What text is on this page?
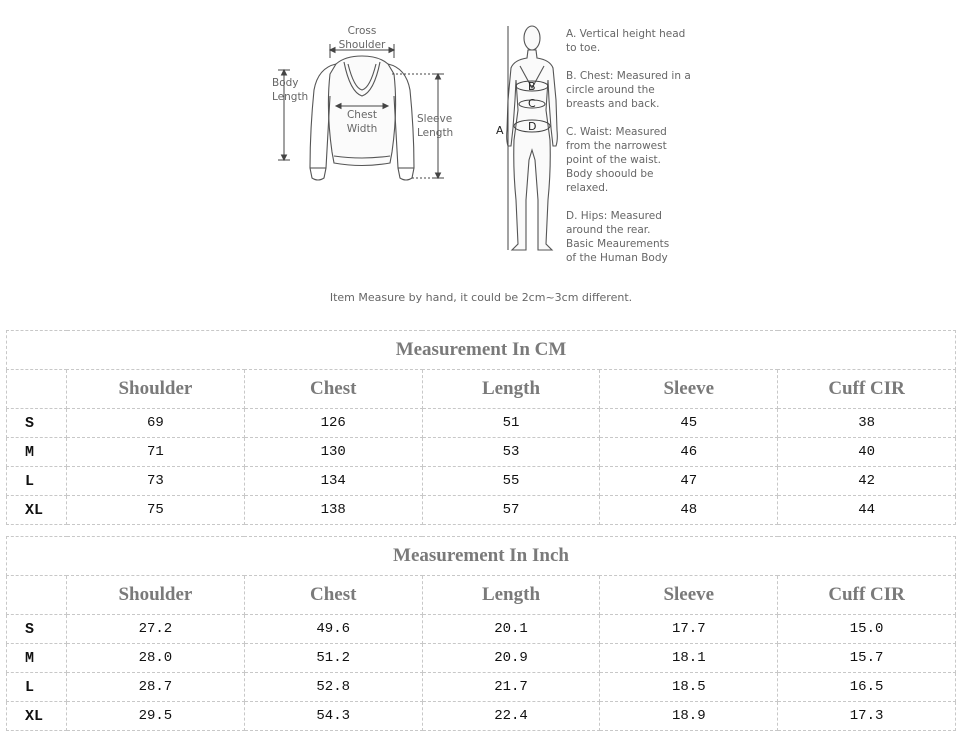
Cross
Shoulder
Body
Length
Chest
Width
Sleeve
Length	A
B
C
D
A. Vertical height head
to toe.
B. Chest: Measured in a
circle around the
breasts and back.
C. Waist: Measured
from the narrowest
point of the waist.
Body shoould be
relaxed.
D. Hips: Measured
around the rear.
Basic Meaurements
of the Human Body
Item Measure by hand, it could be 2cm~3cm different.
Measurement In CM					
	Shoulder	Chest	Length	Sleeve	Cuff CIR
S	69	126	51	45	38
M	71	130	53	46	40
L	73	134	55	47	42
XL	75	138	57	48	44
Measurement In Inch					
	Shoulder	Chest	Length	Sleeve	Cuff CIR
S	27.2	49.6	20.1	17.7	15.0
M	28.0	51.2	20.9	18.1	15.7
L	28.7	52.8	21.7	18.5	16.5
XL	29.5	54.3	22.4	18.9	17.3
